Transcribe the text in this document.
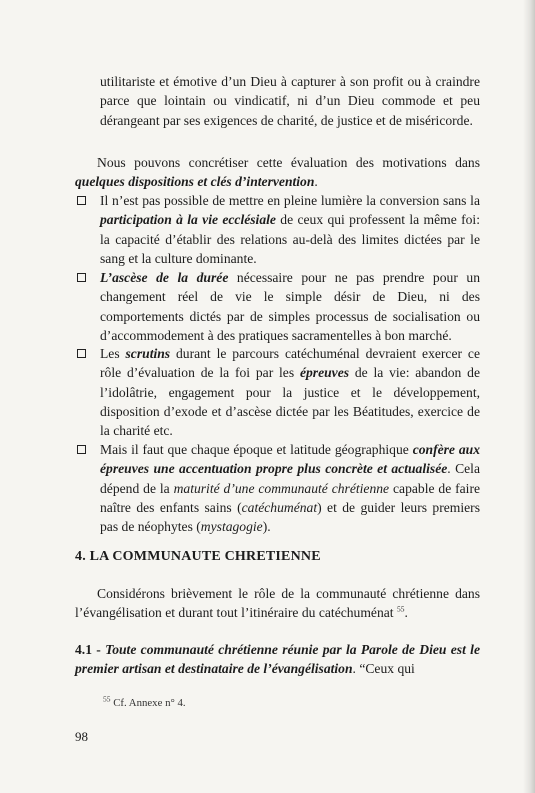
utilitariste et émotive d’un Dieu à capturer à son profit ou à craindre parce que lointain ou vindicatif, ni d’un Dieu commode et peu dérangeant par ses exigences de charité, de justice et de miséricorde.

Nous pouvons concrétiser cette évaluation des motivations dans quelques dispositions et clés d’intervention.

Il n’est pas possible de mettre en pleine lumière la conversion sans la participation à la vie ecclésiale de ceux qui professent la même foi: la capacité d’établir des relations au-delà des limites dictées par le sang et la culture dominante.

L’ascèse de la durée nécessaire pour ne pas prendre pour un changement réel de vie le simple désir de Dieu, ni des comportements dictés par de simples processus de socialisation ou d’accommodement à des pratiques sacramentelles à bon marché.

Les scrutins durant le parcours catéchuménal devraient exercer ce rôle d’évaluation de la foi par les épreuves de la vie: abandon de l’idolâtrie, engagement pour la justice et le développement, disposition d’exode et d’ascèse dictée par les Béatitudes, exercice de la charité etc.

Mais il faut que chaque époque et latitude géographique confère aux épreuves une accentuation propre plus concrète et actualisée. Cela dépend de la maturité d’une communauté chrétienne capable de faire naître des enfants sains (catéchuménat) et de guider leurs premiers pas de néophytes (mystagogie).

4. LA COMMUNAUTE CHRETIENNE

Considérons brièvement le rôle de la communauté chrétienne dans l’évangélisation et durant tout l’itinéraire du catéchuménat $^{55}$.

4.1 - Toute communauté chrétienne réunie par la Parole de Dieu est le premier artisan et destinataire de l’évangélisation. “Ceux qui

$^{55}$ Cf. Annexe n° 4.
98
